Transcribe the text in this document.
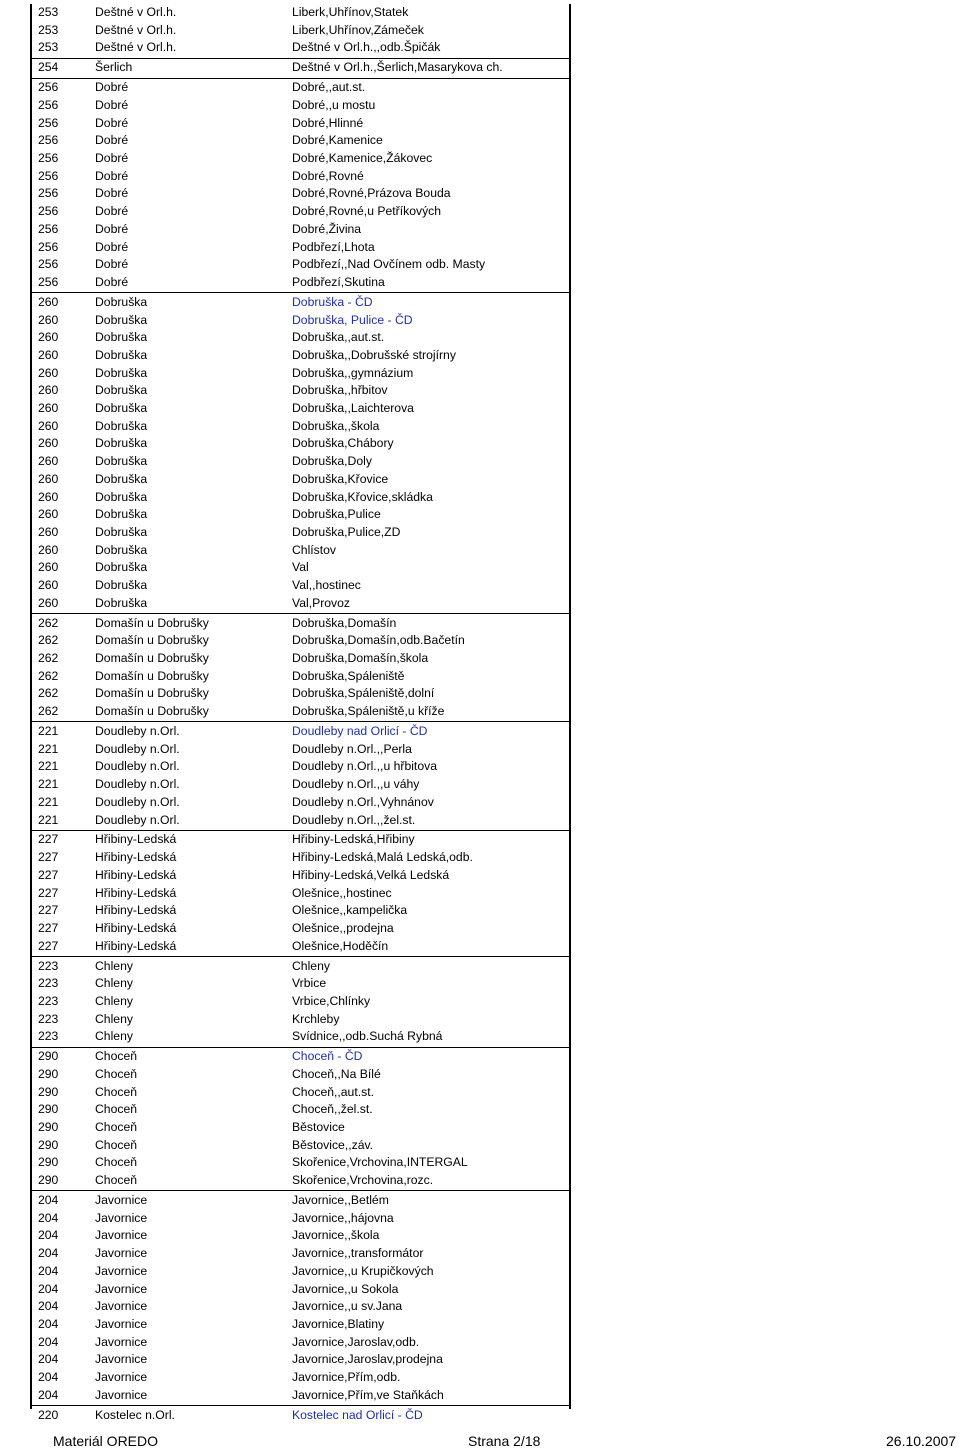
253	Deštné v Orl.h.	Liberk,Uhřínov,Statek
253	Deštné v Orl.h.	Liberk,Uhřínov,Zámeček
253	Deštné v Orl.h.	Deštné v Orl.h.,,odb.Špičák
254	Šerlich	Deštné v Orl.h.,Šerlich,Masarykova ch.
256	Dobré	Dobré,,aut.st.
256	Dobré	Dobré,,u mostu
256	Dobré	Dobré,Hlinné
256	Dobré	Dobré,Kamenice
256	Dobré	Dobré,Kamenice,Žákovec
256	Dobré	Dobré,Rovné
256	Dobré	Dobré,Rovné,Prázova Bouda
256	Dobré	Dobré,Rovné,u Petříkových
256	Dobré	Dobré,Živina
256	Dobré	Podbřezí,Lhota
256	Dobré	Podbřezí,,Nad Ovčínem odb. Masty
256	Dobré	Podbřezí,Skutina
260	Dobruška	Dobruška - ČD
260	Dobruška	Dobruška, Pulice - ČD
260	Dobruška	Dobruška,,aut.st.
260	Dobruška	Dobruška,,Dobrušské strojírny
260	Dobruška	Dobruška,,gymnázium
260	Dobruška	Dobruška,,hřbitov
260	Dobruška	Dobruška,,Laichterova
260	Dobruška	Dobruška,,škola
260	Dobruška	Dobruška,Chábory
260	Dobruška	Dobruška,Doly
260	Dobruška	Dobruška,Křovice
260	Dobruška	Dobruška,Křovice,skládka
260	Dobruška	Dobruška,Pulice
260	Dobruška	Dobruška,Pulice,ZD
260	Dobruška	Chlístov
260	Dobruška	Val
260	Dobruška	Val,,hostinec
260	Dobruška	Val,Provoz
262	Domašín u Dobrušky	Dobruška,Domašín
262	Domašín u Dobrušky	Dobruška,Domašín,odb.Bačetín
262	Domašín u Dobrušky	Dobruška,Domašín,škola
262	Domašín u Dobrušky	Dobruška,Spáleniště
262	Domašín u Dobrušky	Dobruška,Spáleniště,dolní
262	Domašín u Dobrušky	Dobruška,Spáleniště,u kříže
221	Doudleby n.Orl.	Doudleby nad Orlicí - ČD
221	Doudleby n.Orl.	Doudleby n.Orl.,,Perla
221	Doudleby n.Orl.	Doudleby n.Orl.,,u hřbitova
221	Doudleby n.Orl.	Doudleby n.Orl.,,u váhy
221	Doudleby n.Orl.	Doudleby n.Orl.,Vyhnánov
221	Doudleby n.Orl.	Doudleby n.Orl.,,žel.st.
227	Hřibiny-Ledská	Hřibiny-Ledská,Hřibiny
227	Hřibiny-Ledská	Hřibiny-Ledská,Malá Ledská,odb.
227	Hřibiny-Ledská	Hřibiny-Ledská,Velká Ledská
227	Hřibiny-Ledská	Olešnice,,hostinec
227	Hřibiny-Ledská	Olešnice,,kampelička
227	Hřibiny-Ledská	Olešnice,,prodejna
227	Hřibiny-Ledská	Olešnice,Hoděčín
223	Chleny	Chleny
223	Chleny	Vrbice
223	Chleny	Vrbice,Chlínky
223	Chleny	Krchleby
223	Chleny	Svídnice,,odb.Suchá Rybná
290	Choceň	Choceň - ČD
290	Choceň	Choceň,,Na Bílé
290	Choceň	Choceň,,aut.st.
290	Choceň	Choceň,,žel.st.
290	Choceň	Běstovice
290	Choceň	Běstovice,,záv.
290	Choceň	Skořenice,Vrchovina,INTERGAL
290	Choceň	Skořenice,Vrchovina,rozc.
204	Javornice	Javornice,,Betlém
204	Javornice	Javornice,,hájovna
204	Javornice	Javornice,,škola
204	Javornice	Javornice,,transformátor
204	Javornice	Javornice,,u Krupičkových
204	Javornice	Javornice,,u Sokola
204	Javornice	Javornice,,u sv.Jana
204	Javornice	Javornice,Blatiny
204	Javornice	Javornice,Jaroslav,odb.
204	Javornice	Javornice,Jaroslav,prodejna
204	Javornice	Javornice,Přím,odb.
204	Javornice	Javornice,Přím,ve Staňkách
220	Kostelec n.Orl.	Kostelec nad Orlicí - ČD
Materiál OREDO	Strana 2/18	26.10.2007
